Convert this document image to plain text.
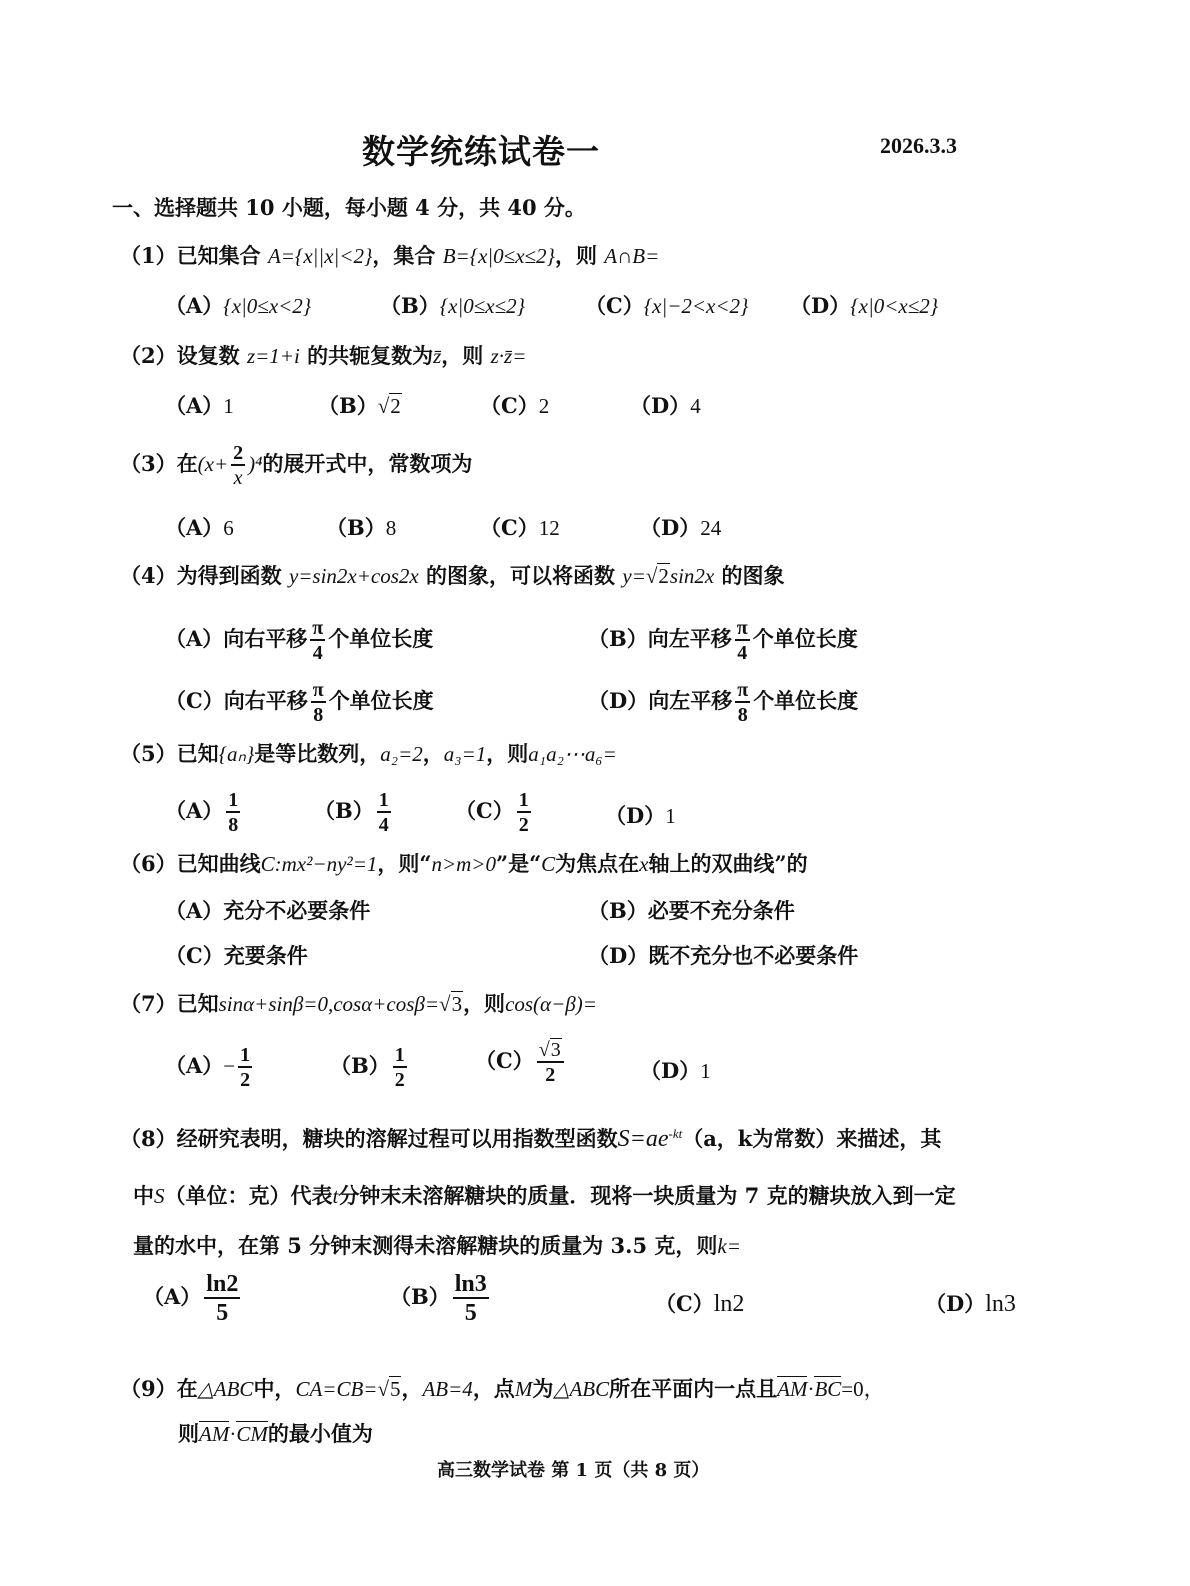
数学统练试卷一	2026.3.3
一、选择题共 10 小题，每小题 4 分，共 40 分。
（1）已知集合 A={x||x|<2}，集合 B={x|0≤x≤2}，则 A∩B=
（A）{x|0≤x<2}	（B）{x|0≤x≤2}	（C）{x|−2<x<2} （D）{x|0<x≤2}
（2）设复数 z=1+i 的共轭复数为z̄，则 z·z̄=
（A）1	（B）√2	（C）2	（D）4
（3）在$(x+ \frac{2}{x} )^4$的展开式中，常数项为
（A）6	（B）8	（C）12	（D）24
（4）为得到函数 y=sin2x+cos2x 的图象，可以将函数 y=√2sin2x 的图象
（A）向右平移 $\frac{\pi}{4}$ 个单位长度	（B）向左平移 $\frac{\pi}{4}$ 个单位长度
（C）向右平移 $\frac{\pi}{8}$ 个单位长度	（D）向左平移 $\frac{\pi}{8}$ 个单位长度
（5）已知{aₙ}是等比数列，a₂=2，a₃=1，则a₁a₂⋯a₆=
$(A) \frac{1}{8}$	$(B) \frac{1}{4}$	$(C) \frac{1}{2}$	（D）1
（6）已知曲线C:mx²−ny²=1，则“n>m>0”是“C为焦点在x轴上的双曲线”的
（A）充分不必要条件	（B）必要不充分条件
（C）充要条件	（D）既不充分也不必要条件
（7）已知sinα+sinβ=0,cosα+cosβ=√3，则cos(α−β)=
$(A)- \frac{1}{2}$	$(B) \frac{1}{2}$	$(C) \frac{√3}{2}$	（D）1
（8）经研究表明，糖块的溶解过程可以用指数型函数$S=ae^{-kt}(a$，k为常数）来描述，其
中S（单位：克）代表t分钟末未溶解糖块的质量．现将一块质量为 7 克的糖块放入到一定
量的水中，在第 5 分钟末测得未溶解糖块的质量为 3.5 克，则k=
$(A) \frac{\ln 2}{5}$	$(B) \frac{\ln 3}{5}$	（C）ln2	（D）ln3
（9）在△ABC中，CA=CB=√5，AB=4，点M为△ABC所在平面内一点且AM·BC=0，
则AM·CM的最小值为
高三数学试卷 第 1 页（共 8 页）
